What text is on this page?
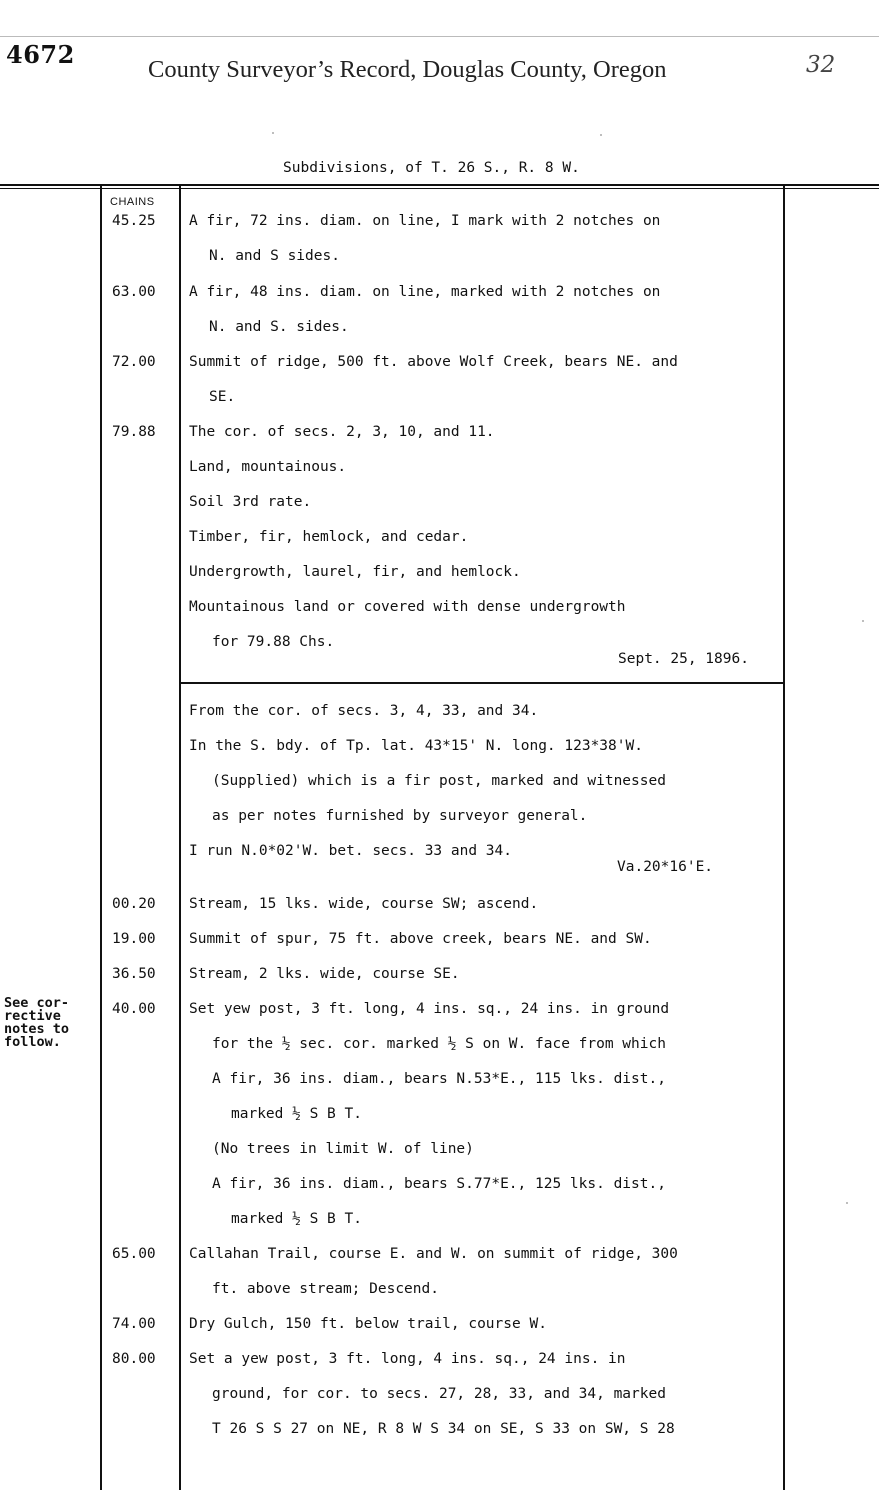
4672
County Surveyor’s Record, Douglas County, Oregon	32
Subdivisions, of T. 26 S., R. 8 W.
CHAINS
45.25
63.00
72.00
79.88
A fir, 72 ins. diam. on line, I mark with 2 notches on
N. and S sides.
A fir, 48 ins. diam. on line, marked with 2 notches on
N. and S. sides.
Summit of ridge, 500 ft. above Wolf Creek, bears NE. and
SE.
The cor. of secs. 2, 3, 10, and 11.
Land, mountainous.
Soil 3rd rate.
Timber, fir, hemlock, and cedar.
Undergrowth, laurel, fir, and hemlock.
Mountainous land or covered with dense undergrowth
for 79.88 Chs.
Sept. 25, 1896.
00.20
19.00
36.50
40.00
65.00
74.00
80.00
From the cor. of secs. 3, 4, 33, and 34.
In the S. bdy. of Tp. lat. 43*15' N. long. 123*38'W.
(Supplied) which is a fir post, marked and witnessed
as per notes furnished by surveyor general.
I run N.0*02'W. bet. secs. 33 and 34.
Va.20*16'E.
Stream, 15 lks. wide, course SW; ascend.
Summit of spur, 75 ft. above creek, bears NE. and SW.
Stream, 2 lks. wide, course SE.
Set yew post, 3 ft. long, 4 ins. sq., 24 ins. in ground
for the ½ sec. cor. marked ½ S on W. face from which
A fir, 36 ins. diam., bears N.53*E., 115 lks. dist.,
marked ½ S B T.
(No trees in limit W. of line)
A fir, 36 ins. diam., bears S.77*E., 125 lks. dist.,
marked ½ S B T.
Callahan Trail, course E. and W. on summit of ridge, 300
ft. above stream; Descend.
Dry Gulch, 150 ft. below trail, course W.
Set a yew post, 3 ft. long, 4 ins. sq., 24 ins. in
ground, for cor. to secs. 27, 28, 33, and 34, marked
T 26 S S 27 on NE, R 8 W S 34 on SE, S 33 on SW, S 28
See cor-
rective
notes to
follow.
